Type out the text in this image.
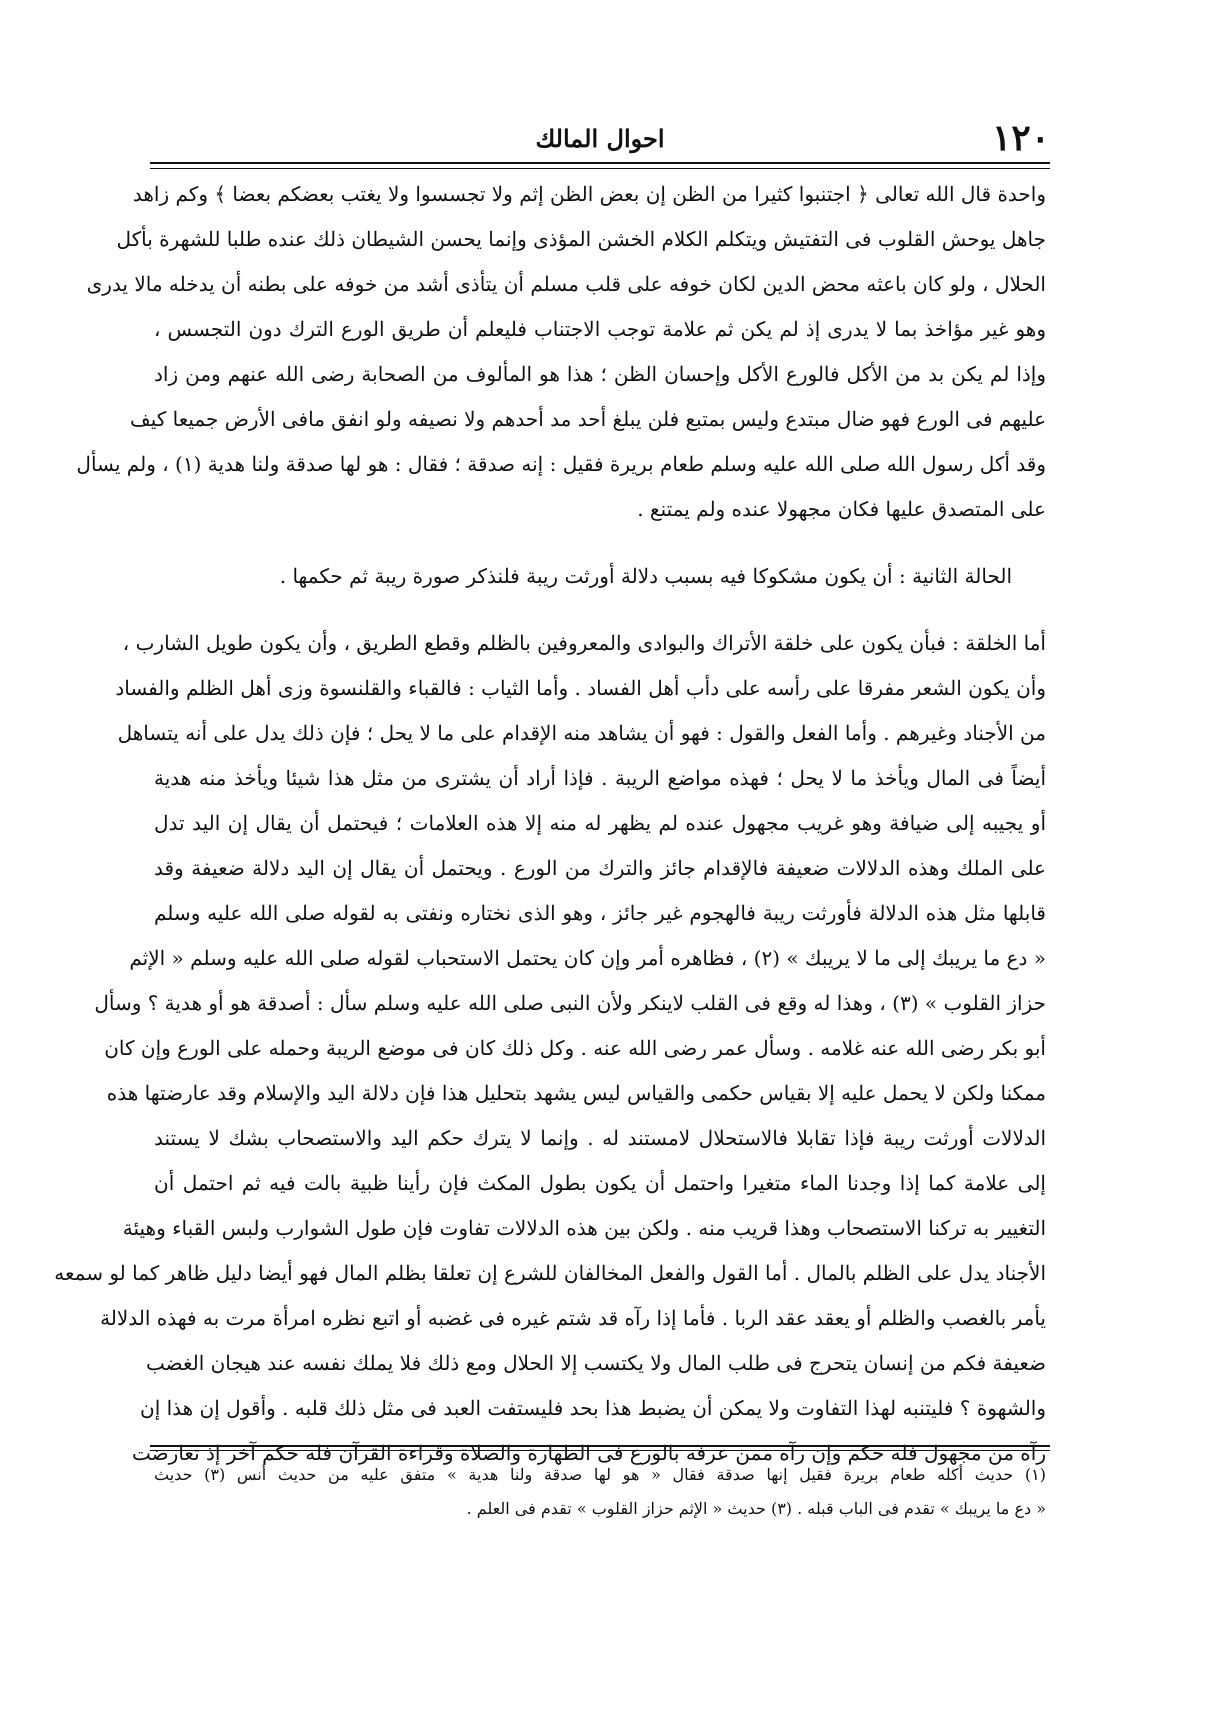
١٢٠
احوال المالك
واحدة قال الله تعالى ﴿ اجتنبوا كثيرا من الظن إن بعض الظن إثم ولا تجسسوا ولا يغتب بعضكم بعضا ﴾ وكم زاهد
جاهل يوحش القلوب فى التفتيش ويتكلم الكلام الخشن المؤذى وإنما يحسن الشيطان ذلك عنده طلبا للشهرة بأكل
الحلال ، ولو كان باعثه محض الدين لكان خوفه على قلب مسلم أن يتأذى أشد من خوفه على بطنه أن يدخله مالا يدرى
وهو غير مؤاخذ بما لا يدرى إذ لم يكن ثم علامة توجب الاجتناب فليعلم أن طريق الورع الترك دون التجسس ،
وإذا لم يكن بد من الأكل فالورع الأكل وإحسان الظن ؛ هذا هو المألوف من الصحابة رضى الله عنهم ومن زاد
عليهم فى الورع فهو ضال مبتدع وليس بمتبع فلن يبلغ أحد مد أحدهم ولا نصيفه ولو انفق مافى الأرض جميعا كيف
وقد أكل رسول الله صلى الله عليه وسلم طعام بريرة فقيل : إنه صدقة ؛ فقال : هو لها صدقة ولنا هدية (١) ، ولم يسأل
على المتصدق عليها فكان مجهولا عنده ولم يمتنع .
الحالة الثانية : أن يكون مشكوكا فيه بسبب دلالة أورثت ريبة فلنذكر صورة ريبة ثم حكمها .
أما الخلقة : فبأن يكون على خلقة الأتراك والبوادى والمعروفين بالظلم وقطع الطريق ، وأن يكون طويل الشارب ،
وأن يكون الشعر مفرقا على رأسه على دأب أهل الفساد . وأما الثياب : فالقباء والقلنسوة وزى أهل الظلم والفساد
من الأجناد وغيرهم . وأما الفعل والقول : فهو أن يشاهد منه الإقدام على ما لا يحل ؛ فإن ذلك يدل على أنه يتساهل
أيضاً فى المال ويأخذ ما لا يحل ؛ فهذه مواضع الريبة . فإذا أراد أن يشترى من مثل هذا شيئا ويأخذ منه هدية
أو يجيبه إلى ضيافة وهو غريب مجهول عنده لم يظهر له منه إلا هذه العلامات ؛ فيحتمل أن يقال إن اليد تدل
على الملك وهذه الدلالات ضعيفة فالإقدام جائز والترك من الورع . ويحتمل أن يقال إن اليد دلالة ضعيفة وقد
قابلها مثل هذه الدلالة فأورثت ريبة فالهجوم غير جائز ، وهو الذى نختاره ونفتى به لقوله صلى الله عليه وسلم
« دع ما يريبك إلى ما لا يريبك » (٢) ، فظاهره أمر وإن كان يحتمل الاستحباب لقوله صلى الله عليه وسلم « الإثم
حزاز القلوب » (٣) ، وهذا له وقع فى القلب لاينكر ولأن النبى صلى الله عليه وسلم سأل : أصدقة هو أو هدية ؟ وسأل
أبو بكر رضى الله عنه غلامه . وسأل عمر رضى الله عنه . وكل ذلك كان فى موضع الريبة وحمله على الورع وإن كان
ممكنا ولكن لا يحمل عليه إلا بقياس حكمى والقياس ليس يشهد بتحليل هذا فإن دلالة اليد والإسلام وقد عارضتها هذه
الدلالات أورثت ريبة فإذا تقابلا فالاستحلال لامستند له . وإنما لا يترك حكم اليد والاستصحاب بشك لا يستند
إلى علامة كما إذا وجدنا الماء متغيرا واحتمل أن يكون بطول المكث فإن رأينا ظبية بالت فيه ثم احتمل أن
التغيير به تركنا الاستصحاب وهذا قريب منه . ولكن بين هذه الدلالات تفاوت فإن طول الشوارب ولبس القباء وهيئة
الأجناد يدل على الظلم بالمال . أما القول والفعل المخالفان للشرع إن تعلقا بظلم المال فهو أيضا دليل ظاهر كما لو سمعه
يأمر بالغصب والظلم أو يعقد عقد الربا . فأما إذا رآه قد شتم غيره فى غضبه أو اتبع نظره امرأة مرت به فهذه الدلالة
ضعيفة فكم من إنسان يتحرج فى طلب المال ولا يكتسب إلا الحلال ومع ذلك فلا يملك نفسه عند هيجان الغضب
والشهوة ؟ فليتنبه لهذا التفاوت ولا يمكن أن يضبط هذا بحد فليستفت العبد فى مثل ذلك قلبه . وأقول إن هذا إن
رآه من مجهول فله حكم وإن رآه ممن عرفه بالورع فى الطهارة والصلاة وقراءة القرآن فله حكم آخر إذ تعارضت
(١) حديث أكله طعام بريرة فقيل إنها صدقة فقال « هو لها صدقة ولنا هدية » متفق عليه من حديث أنس (٣) حديث
« دع ما يريبك » تقدم فى الباب قبله . (٣) حديث « الإثم حزاز القلوب » تقدم فى العلم .
